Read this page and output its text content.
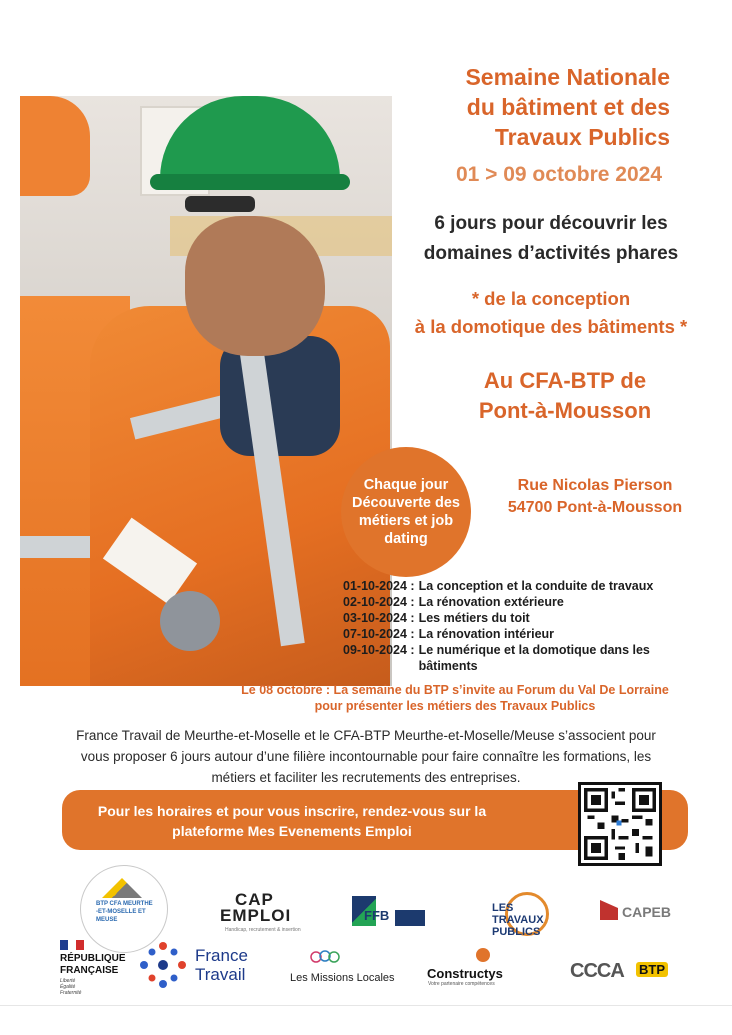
Semaine Nationale
du bâtiment et des
Travaux Publics
01 > 09 octobre 2024
6 jours pour découvrir les
domaines d’activités phares
* de la conception
à la domotique des bâtiments *
Au CFA-BTP de
Pont-à-Mousson
Chaque jour
Découverte des
métiers et job
dating
Rue Nicolas Pierson
54700 Pont-à-Mousson
01-10-2024 : La conception et la conduite de travaux
02-10-2024 : La rénovation extérieure
03-10-2024 : Les métiers du toit
07-10-2024 : La rénovation intérieur
09-10-2024 : Le numérique et la domotique dans les bâtiments
Le 08 octobre : La semaine du BTP s’invite au Forum du Val De Lorraine
pour présenter les métiers des Travaux Publics
France Travail de Meurthe-et-Moselle et le CFA-BTP Meurthe-et-Moselle/Meuse s’associent pour
vous proposer 6 jours autour d’une filière incontournable pour faire connaître les formations, les
métiers et faciliter les recrutements des entreprises.
Pour les horaires et pour vous inscrire, rendez-vous sur la
plateforme Mes Evenements Emploi
BTP CFA MEURTHE -ET-MOSELLE ET MEUSE
CAP
EMPLOI
Handicap, recrutement & insertion
FFB	LES TRAVAUX PUBLICS
CAPEB
RÉPUBLIQUE
FRANÇAISE
Liberté
Égalité
Fraternité
France
Travail	Les Missions Locales Constructys
Votre partenaire compétences
CCCA BTP
